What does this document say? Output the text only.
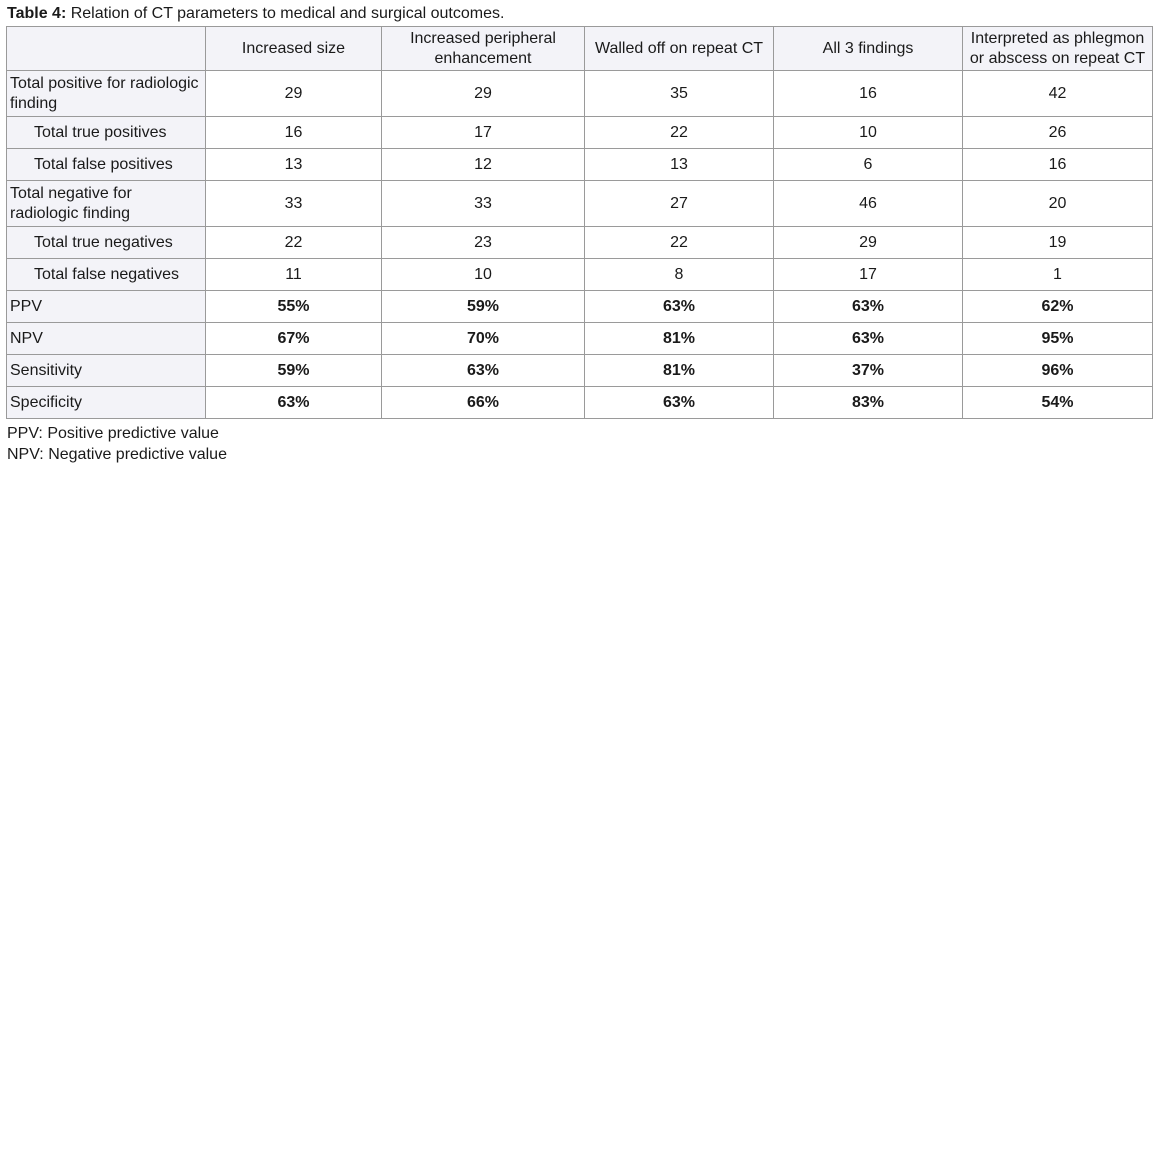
Table 4: Relation of CT parameters to medical and surgical outcomes.
	Increased size	Increased peripheral enhancement	Walled off on repeat CT	All 3 findings	Interpreted as phlegmon or abscess on repeat CT
Total positive for radiologic finding	29	29	35	16	42
Total true positives	16	17	22	10	26
Total false positives	13	12	13	6	16
Total negative for radiologic finding	33	33	27	46	20
Total true negatives	22	23	22	29	19
Total false negatives	11	10	8	17	1
PPV	55%	59%	63%	63%	62%
NPV	67%	70%	81%	63%	95%
Sensitivity	59%	63%	81%	37%	96%
Specificity	63%	66%	63%	83%	54%
PPV: Positive predictive value
NPV: Negative predictive value
